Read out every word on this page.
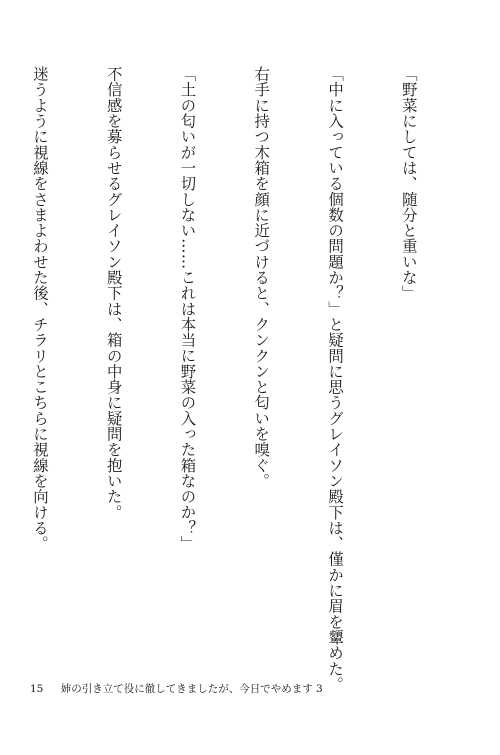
「野菜にしては、随分と重いな」

「中に入っている個数の問題か？」と疑問に思うグレイソン殿下は、僅かに眉を顰めた。

右手に持つ木箱を顔に近づけると、クンクンと匂いを嗅ぐ。

「土の匂いが一切しない……これは本当に野菜の入った箱なのか？」

不信感を募らせるグレイソン殿下は、箱の中身に疑問を抱いた。

迷うように視線をさまよわせた後、チラリとこちらに視線を向ける。

15 姉の引き立て役に徹してきましたが、今日でやめます 3
